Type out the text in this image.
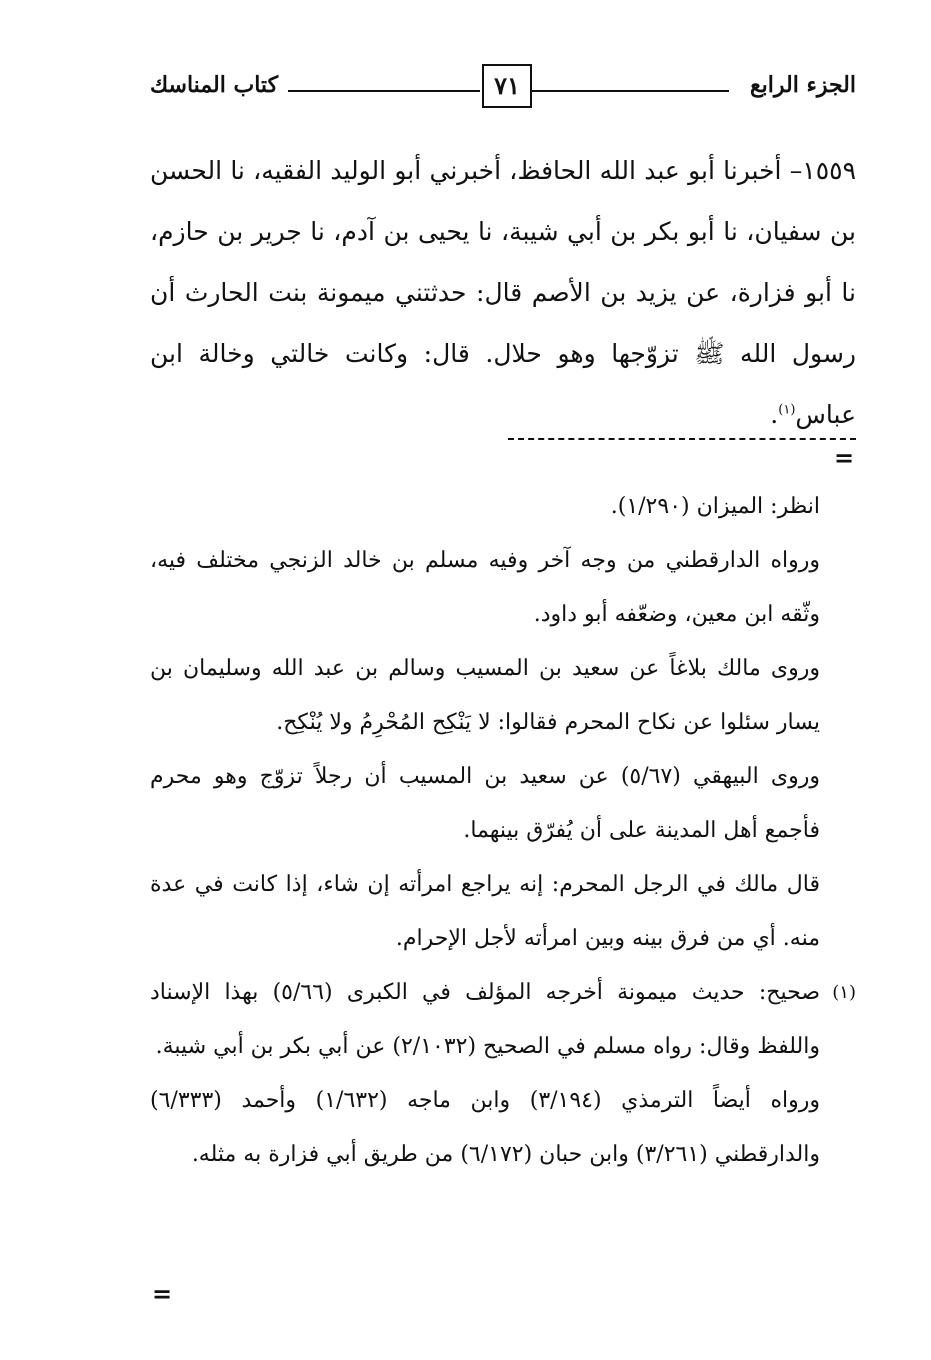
الجزء الرابع
٧١
كتاب المناسك

١٥٥٩– أخبرنا أبو عبد الله الحافظ، أخبرني أبو الوليد الفقيه، نا الحسن بن سفيان، نا أبو بكر بن أبي شيبة، نا يحيى بن آدم، نا جرير بن حازم، نا أبو فزارة، عن يزيد بن الأصم قال: حدثتني ميمونة بنت الحارث أن رسول الله ﷺ تزوّجها وهو حلال. قال: وكانت خالتي وخالة ابن عباس$^{(١)}$.

=

انظر: الميزان (١/٢٩٠).

ورواه الدارقطني من وجه آخر وفيه مسلم بن خالد الزنجي مختلف فيه، وثّقه ابن معين، وضعّفه أبو داود.

وروى مالك بلاغاً عن سعيد بن المسيب وسالم بن عبد الله وسليمان بن يسار سئلوا عن نكاح المحرم فقالوا: لا يَنْكِح المُحْرِمُ ولا يُنْكِح.

وروى البيهقي (٥/٦٧) عن سعيد بن المسيب أن رجلاً تزوّج وهو محرم فأجمع أهل المدينة على أن يُفرّق بينهما.

قال مالك في الرجل المحرم: إنه يراجع امرأته إن شاء، إذا كانت في عدة منه. أي من فرق بينه وبين امرأته لأجل الإحرام.

(١)

صحيح: حديث ميمونة أخرجه المؤلف في الكبرى (٥/٦٦) بهذا الإسناد واللفظ وقال: رواه مسلم في الصحيح (٢/١٠٣٢) عن أبي بكر بن أبي شيبة.

ورواه أيضاً الترمذي (٣/١٩٤) وابن ماجه (١/٦٣٢) وأحمد (٦/٣٣٣) والدارقطني (٣/٢٦١) وابن حبان (٦/١٧٢) من طريق أبي فزارة به مثله.

=
